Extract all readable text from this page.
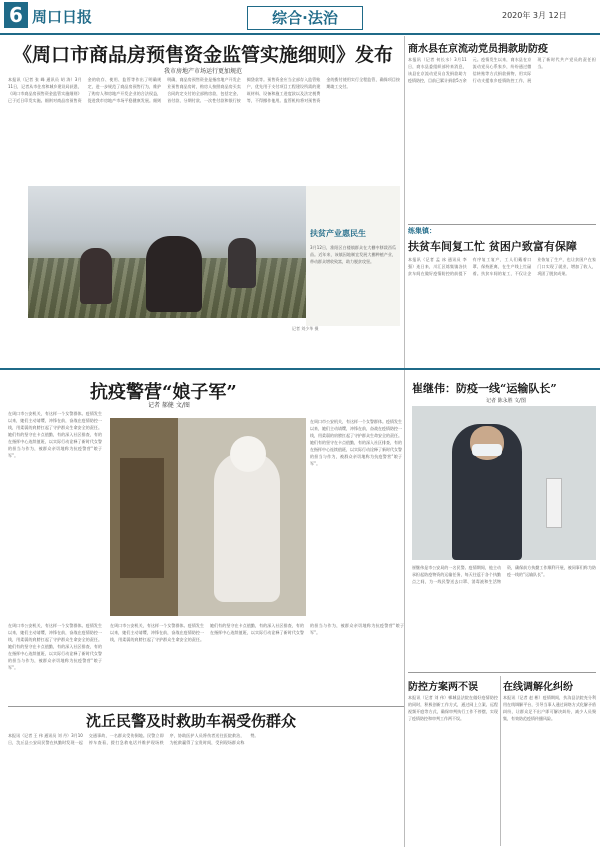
6 周口日报	综合·法治	2020年 3月 12日
《周口市商品房预售资金监管实施细则》发布
我市房地产市场运行更加规范
本报讯（记者 张 峰 通讯员 胡 涛）3月11日，记者从市住房和城乡建设局获悉，《周口市商品房预售资金监管实施细则》已于近日印发实施。细则对商品房预售资金的收存、使用、监管等作出了明确规定，进一步规范了商品房预售行为，维护了购房人和房地产开发企业的合法权益，促进我市房地产市场平稳健康发展。细则明确，商品房预售资金是指房地产开发企业预售商品房时，购房人按照商品房买卖合同约定支付的全部购房款，包括定金、首付款、分期付款、一次性付款和银行按揭贷款等。预售资金应当全部存入监管账户，优先用于支付项目工程建设所需的建筑材料、设备和施工进度款以及法定税费等，不得挪作他用。监管机构将对预售资金的拨付使用实行全程监管，确保项目按期竣工交付。
扶贫产业惠民生
3月12日，淮阳区白楼镇群众在大棚中移栽西瓜苗。近年来，该镇因地制宜发展大棚种植产业，带动群众增收致富，助力脱贫攻坚。
记者 刘少华 摄
商水县在京流动党员捐款助防疫
本报讯（记者 何长水）3月11日，商水县委组织部传来消息，该县在京流动党员自发捐款助力疫情防控，目前已累计捐款5万余元。疫情发生以来，商水县在京流动党员心系家乡，纷纷通过微信转账等方式捐款捐物，用实际行动支援家乡疫情防控工作，展现了新时代共产党员的责任担当。
练集镇：
扶贫车间复工忙 贫困户致富有保障
本报讯（记者 孟 冰 通讯员 李 强）连日来，川汇区练集镇各扶贫车间在做好疫情防控的前提下有序复工复产，工人们戴着口罩、保持距离，在生产线上忙碌着。扶贫车间的复工，不仅让企业恢复了生产，也让贫困户在家门口实现了就业，增加了收入，巩固了脱贫成果。
抗疫警营“娘子军”
记者 郝健 文/图
在周口市公安机关，有这样一个女警群体。疫情发生以来，她们主动请缨，冲锋在前，奋战在疫情防控一线，用柔弱的肩膀扛起了守护群众生命安全的责任。她们有的坚守在卡点值勤，有的深入社区排查，有的在指挥中心连续值班，以实际行动诠释了新时代女警的担当与作为，被群众亲切地称为抗疫警营“娘子军”。
在周口市公安机关，有这样一个女警群体。疫情发生以来，她们主动请缨，冲锋在前，奋战在疫情防控一线，用柔弱的肩膀扛起了守护群众生命安全的责任。她们有的坚守在卡点值勤，有的深入社区排查，有的在指挥中心连续值班，以实际行动诠释了新时代女警的担当与作为，被群众亲切地称为抗疫警营“娘子军”。
在周口市公安机关，有这样一个女警群体。疫情发生以来，她们主动请缨，冲锋在前，奋战在疫情防控一线，用柔弱的肩膀扛起了守护群众生命安全的责任。她们有的坚守在卡点值勤，有的深入社区排查，有的在指挥中心连续值班，以实际行动诠释了新时代女警的担当与作为，被群众亲切地称为抗疫警营“娘子军”。
在周口市公安机关，有这样一个女警群体。疫情发生以来，她们主动请缨，冲锋在前，奋战在疫情防控一线，用柔弱的肩膀扛起了守护群众生命安全的责任。她们有的坚守在卡点值勤，有的深入社区排查，有的在指挥中心连续值班，以实际行动诠释了新时代女警的担当与作为，被群众亲切地称为抗疫警营“娘子军”。
崔继伟：防疫一线“运输队长”
记者 陈永胜 文/图
崔继伟是市公安局的一名民警。疫情期间，他主动承担起防疫物资的运输任务，每天往返于各个执勤点之间，为一线民警送去口罩、消毒液和生活物资，确保前方执勤工作顺利开展，被同事们称为防疫一线的“运输队长”。
沈丘民警及时救助车祸受伤群众
本报讯（记者 王 伟 通讯员 刘 丹）3月10日，沈丘县公安局民警在执勤时发现一起交通事故，一名群众受伤倒地。民警立即停车查看，拨打急救电话并维护现场秩序，协助医护人员将伤者送往医院救治，为抢救赢得了宝贵时间，受到现场群众称赞。
防控方案两不误
本报讯（记者 刘 伟）郸城县法院在做好疫情防控的同时，积极创新工作方式，通过网上立案、远程视频开庭等方式，确保审判执行工作不停摆，实现了疫情防控和审判工作两不误。
在线调解化纠纷
本报讯（记者 赵 彬）疫情期间，扶沟县法院充分利用在线调解平台，引导当事人通过网络方式化解矛盾纠纷，让群众足不出户即可解决纠纷，减少人员聚集，有效防范疫情传播风险。
